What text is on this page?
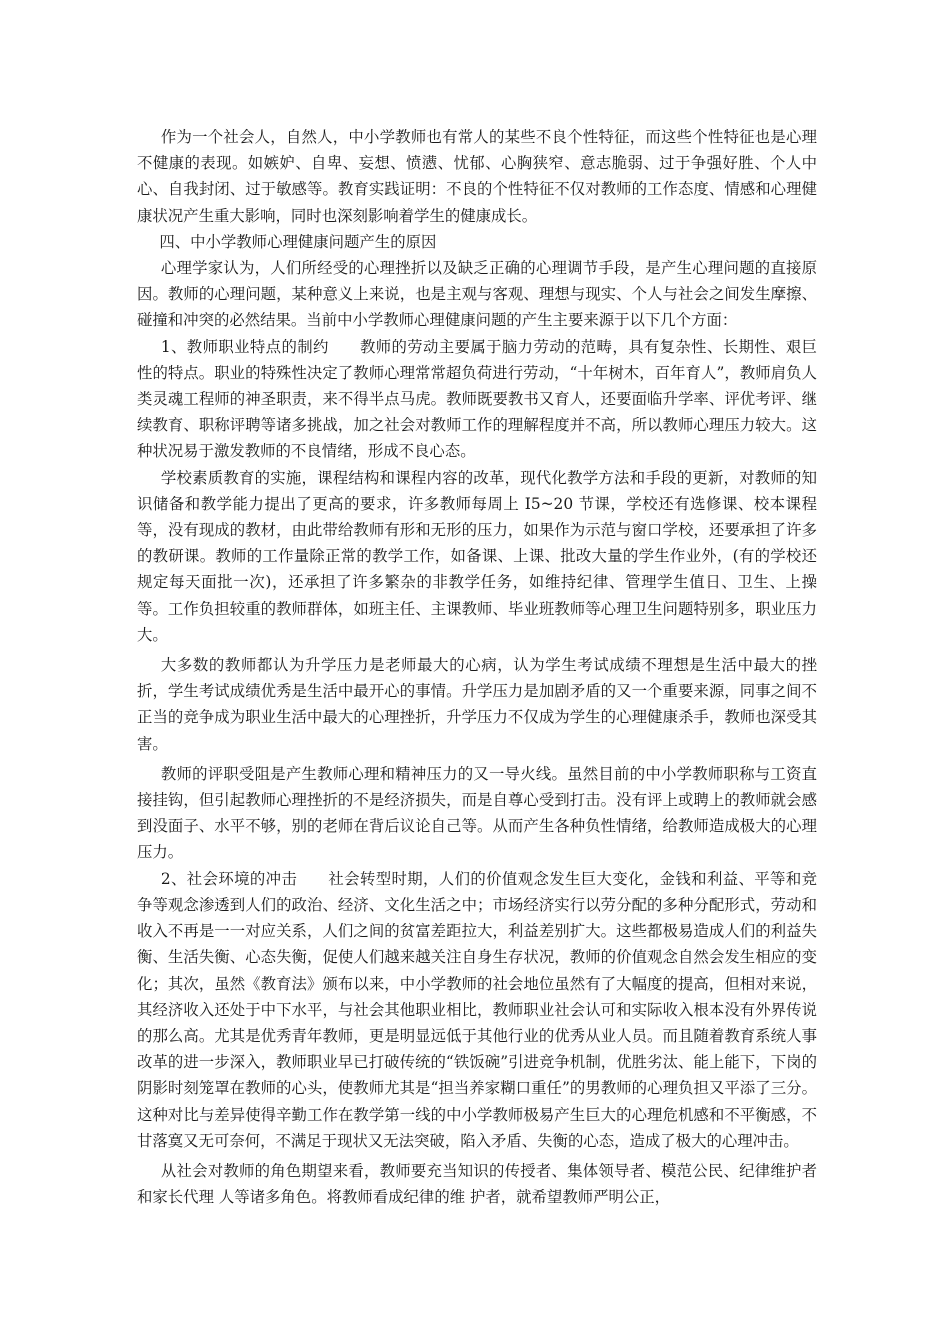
作为一个社会人，自然人，中小学教师也有常人的某些不良个性特征，而这些个性特征也是心理不健康的表现。如嫉妒、自卑、妄想、愤懑、忧郁、心胸狭窄、意志脆弱、过于争强好胜、个人中心、自我封闭、过于敏感等。教育实践证明：不良的个性特征不仅对教师的工作态度、情感和心理健康状况产生重大影响，同时也深刻影响着学生的健康成长。

四、中小学教师心理健康问题产生的原因

心理学家认为，人们所经受的心理挫折以及缺乏正确的心理调节手段，是产生心理问题的直接原因。教师的心理问题，某种意义上来说，也是主观与客观、理想与现实、个人与社会之间发生摩擦、碰撞和冲突的必然结果。当前中小学教师心理健康问题的产生主要来源于以下几个方面：

1、教师职业特点的制约 教师的劳动主要属于脑力劳动的范畴，具有复杂性、长期性、艰巨性的特点。职业的特殊性决定了教师心理常常超负荷进行劳动，“十年树木，百年育人”，教师肩负人类灵魂工程师的神圣职责，来不得半点马虎。教师既要教书又育人，还要面临升学率、评优考评、继续教育、职称评聘等诸多挑战，加之社会对教师工作的理解程度并不高，所以教师心理压力较大。这种状况易于激发教师的不良情绪，形成不良心态。

学校素质教育的实施，课程结构和课程内容的改革，现代化教学方法和手段的更新，对教师的知识储备和教学能力提出了更高的要求，许多教师每周上 I5~20 节课，学校还有选修课、校本课程等，没有现成的教材，由此带给教师有形和无形的压力，如果作为示范与窗口学校，还要承担了许多的教研课。教师的工作量除正常的教学工作，如备课、上课、批改大量的学生作业外，(有的学校还规定每天面批一次)，还承担了许多繁杂的非教学任务，如维持纪律、管理学生值日、卫生、上操等。工作负担较重的教师群体，如班主任、主课教师、毕业班教师等心理卫生问题特别多，职业压力大。

大多数的教师都认为升学压力是老师最大的心病，认为学生考试成绩不理想是生活中最大的挫折，学生考试成绩优秀是生活中最开心的事情。升学压力是加剧矛盾的又一个重要来源，同事之间不正当的竞争成为职业生活中最大的心理挫折，升学压力不仅成为学生的心理健康杀手，教师也深受其害。

教师的评职受阻是产生教师心理和精神压力的又一导火线。虽然目前的中小学教师职称与工资直接挂钩，但引起教师心理挫折的不是经济损失，而是自尊心受到打击。没有评上或聘上的教师就会感到没面子、水平不够，别的老师在背后议论自己等。从而产生各种负性情绪，给教师造成极大的心理压力。

2、社会环境的冲击 社会转型时期，人们的价值观念发生巨大变化，金钱和利益、平等和竞争等观念渗透到人们的政治、经济、文化生活之中；市场经济实行以劳分配的多种分配形式，劳动和收入不再是一一对应关系，人们之间的贫富差距拉大，利益差别扩大。这些都极易造成人们的利益失衡、生活失衡、心态失衡，促使人们越来越关注自身生存状况，教师的价值观念自然会发生相应的变化；其次，虽然《教育法》颁布以来，中小学教师的社会地位虽然有了大幅度的提高，但相对来说，其经济收入还处于中下水平，与社会其他职业相比，教师职业社会认可和实际收入根本没有外界传说的那么高。尤其是优秀青年教师，更是明显远低于其他行业的优秀从业人员。而且随着教育系统人事改革的进一步深入，教师职业早已打破传统的“铁饭碗”引进竞争机制，优胜劣汰、能上能下，下岗的阴影时刻笼罩在教师的心头，使教师尤其是“担当养家糊口重任”的男教师的心理负担又平添了三分。这种对比与差异使得辛勤工作在教学第一线的中小学教师极易产生巨大的心理危机感和不平衡感，不甘落寞又无可奈何，不满足于现状又无法突破，陷入矛盾、失衡的心态，造成了极大的心理冲击。

从社会对教师的角色期望来看，教师要充当知识的传授者、集体领导者、模范公民、纪律维护者和家长代理 人等诸多角色。将教师看成纪律的维 护者，就希望教师严明公正，
